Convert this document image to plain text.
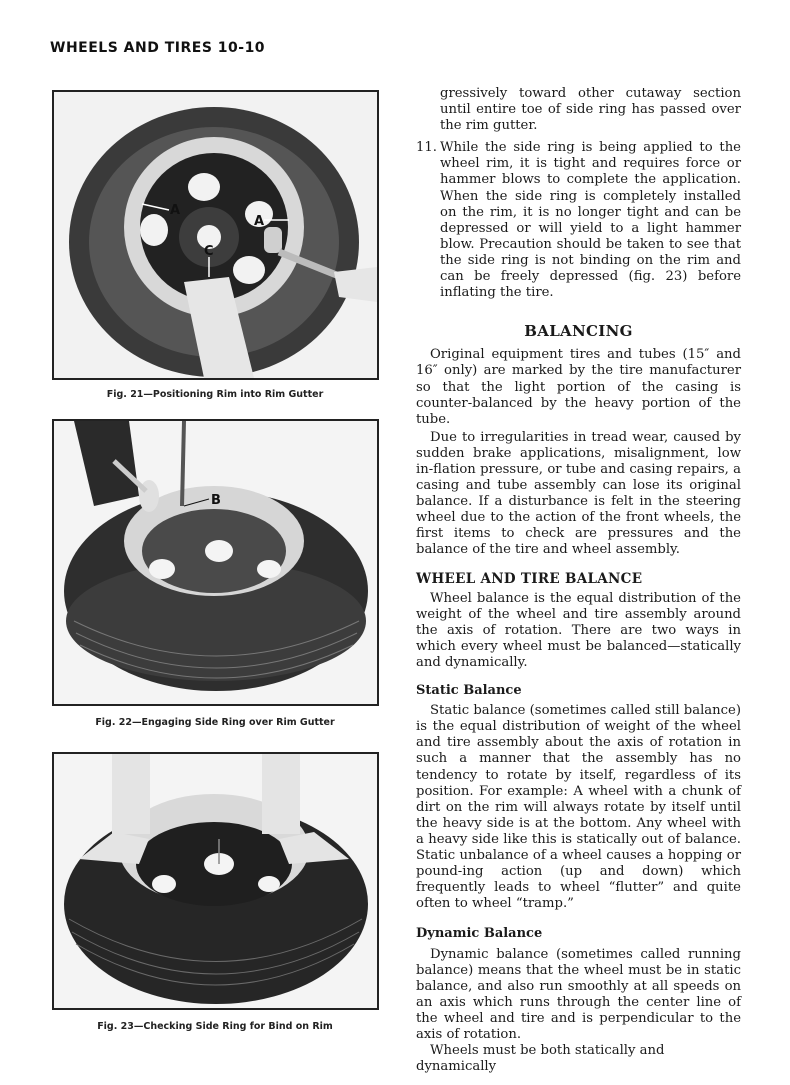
WHEELS AND TIRES 10-10
A
A
C
Fig. 21—Positioning Rim into Rim Gutter
B
Fig. 22—Engaging Side Ring over Rim Gutter
Fig. 23—Checking Side Ring for Bind on Rim

gressively toward other cutaway section until entire toe of side ring has passed over the rim gutter.

11. While the side ring is being applied to the wheel rim, it is tight and requires force or hammer blows to complete the application. When the side ring is completely installed on the rim, it is no longer tight and can be depressed or will yield to a light hammer blow. Precaution should be taken to see that the side ring is not binding on the rim and can be freely depressed (fig. 23) before inflating the tire.

BALANCING

Original equipment tires and tubes (15″ and 16″ only) are marked by the tire manufacturer so that the light portion of the casing is counter-balanced by the heavy portion of the tube.

Due to irregularities in tread wear, caused by sudden brake applications, misalignment, low in-flation pressure, or tube and casing repairs, a casing and tube assembly can lose its original balance. If a disturbance is felt in the steering wheel due to the action of the front wheels, the first items to check are pressures and the balance of the tire and wheel assembly.

WHEEL AND TIRE BALANCE

Wheel balance is the equal distribution of the weight of the wheel and tire assembly around the axis of rotation. There are two ways in which every wheel must be balanced—statically and dynamically.

Static Balance

Static balance (sometimes called still balance) is the equal distribution of weight of the wheel and tire assembly about the axis of rotation in such a manner that the assembly has no tendency to rotate by itself, regardless of its position. For example: A wheel with a chunk of dirt on the rim will always rotate by itself until the heavy side is at the bottom. Any wheel with a heavy side like this is statically out of balance. Static unbalance of a wheel causes a hopping or pound-ing action (up and down) which frequently leads to wheel “flutter” and quite often to wheel “tramp.”

Dynamic Balance

Dynamic balance (sometimes called running balance) means that the wheel must be in static balance, and also run smoothly at all speeds on an axis which runs through the center line of the wheel and tire and is perpendicular to the axis of rotation.

Wheels must be both statically and dynamically
